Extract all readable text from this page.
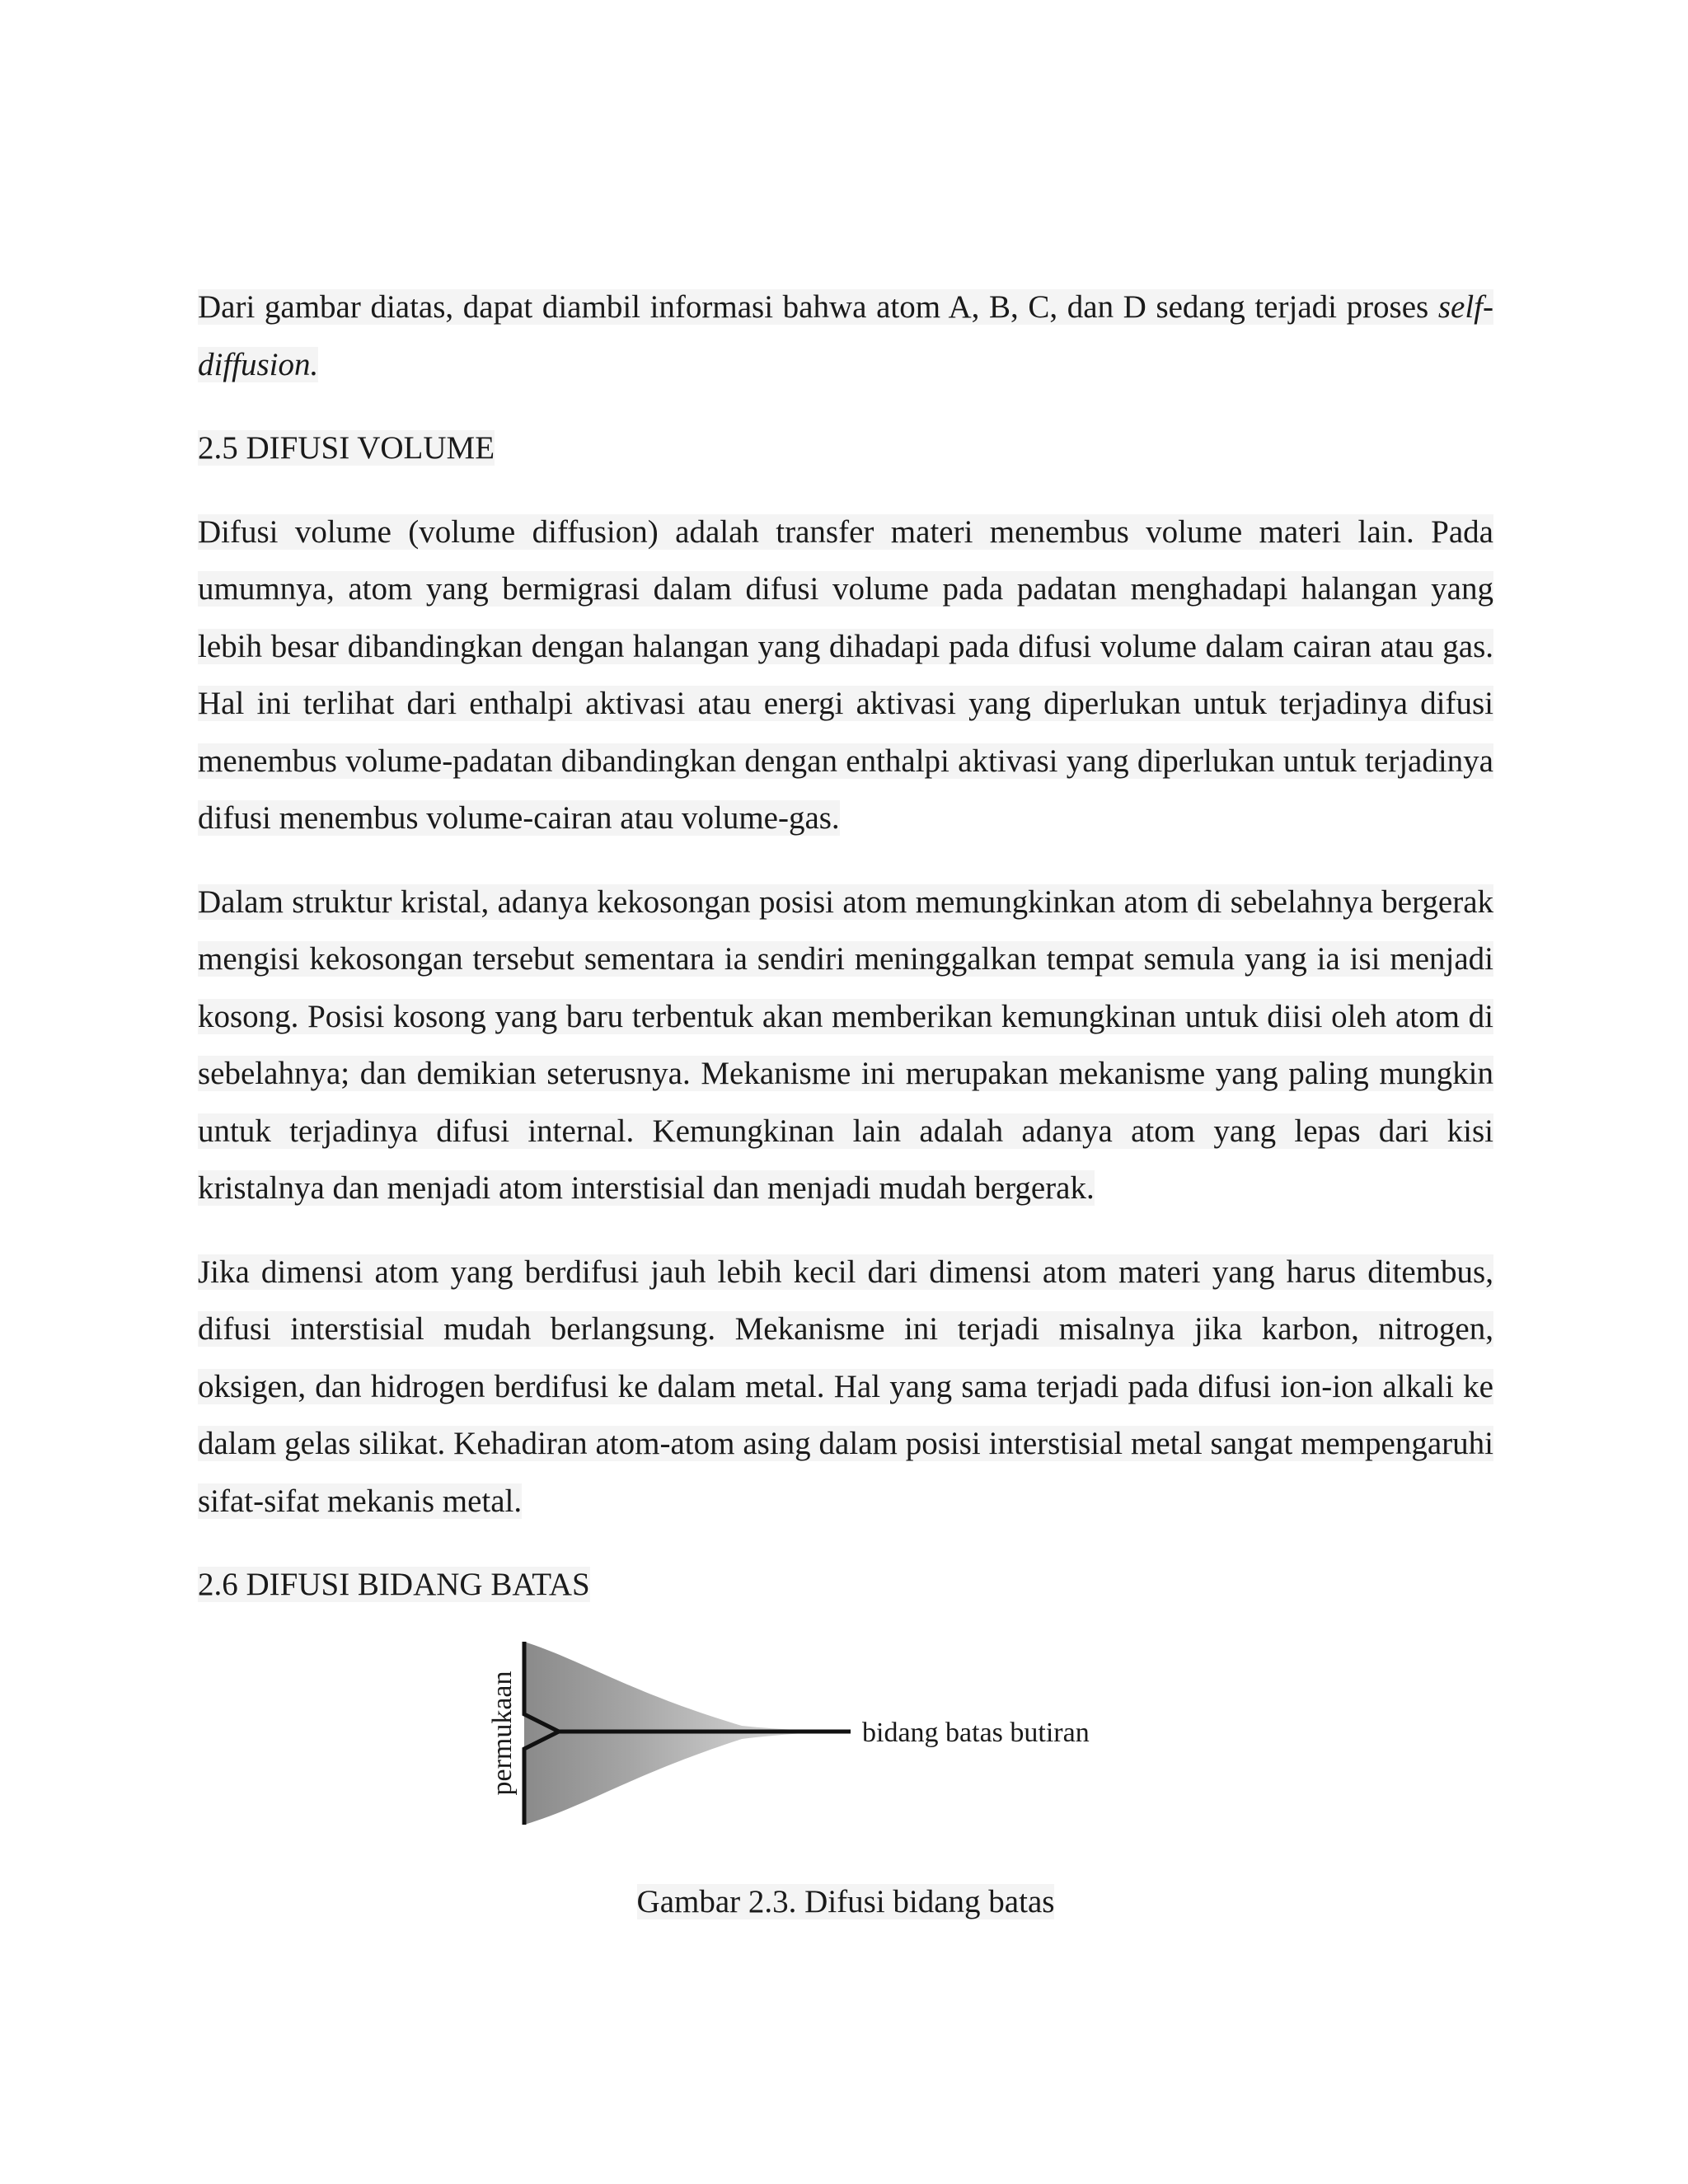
Dari gambar diatas, dapat diambil informasi bahwa atom A, B, C, dan D sedang terjadi proses self-diffusion.

2.5 DIFUSI VOLUME

Difusi volume (volume diffusion) adalah transfer materi menembus volume materi lain. Pada umumnya, atom yang bermigrasi dalam difusi volume pada padatan menghadapi halangan yang lebih besar dibandingkan dengan halangan yang dihadapi pada difusi volume dalam cairan atau gas. Hal ini terlihat dari enthalpi aktivasi atau energi aktivasi yang diperlukan untuk terjadinya difusi menembus volume-padatan dibandingkan dengan enthalpi aktivasi yang diperlukan untuk terjadinya difusi menembus volume-cairan atau volume-gas.

Dalam struktur kristal, adanya kekosongan posisi atom memungkinkan atom di sebelahnya bergerak mengisi kekosongan tersebut sementara ia sendiri meninggalkan tempat semula yang ia isi menjadi kosong. Posisi kosong yang baru terbentuk akan memberikan kemungkinan untuk diisi oleh atom di sebelahnya; dan demikian seterusnya. Mekanisme ini merupakan mekanisme yang paling mungkin untuk terjadinya difusi internal. Kemungkinan lain adalah adanya atom yang lepas dari kisi kristalnya dan menjadi atom interstisial dan menjadi mudah bergerak.

Jika dimensi atom yang berdifusi jauh lebih kecil dari dimensi atom materi yang harus ditembus, difusi interstisial mudah berlangsung. Mekanisme ini terjadi misalnya jika karbon, nitrogen, oksigen, dan hidrogen berdifusi ke dalam metal. Hal yang sama terjadi pada difusi ion-ion alkali ke dalam gelas silikat. Kehadiran atom-atom asing dalam posisi interstisial metal sangat mempengaruhi sifat-sifat mekanis metal.

2.6 DIFUSI BIDANG BATAS
permukaan	bidang batas butiran

Gambar 2.3. Difusi bidang batas
